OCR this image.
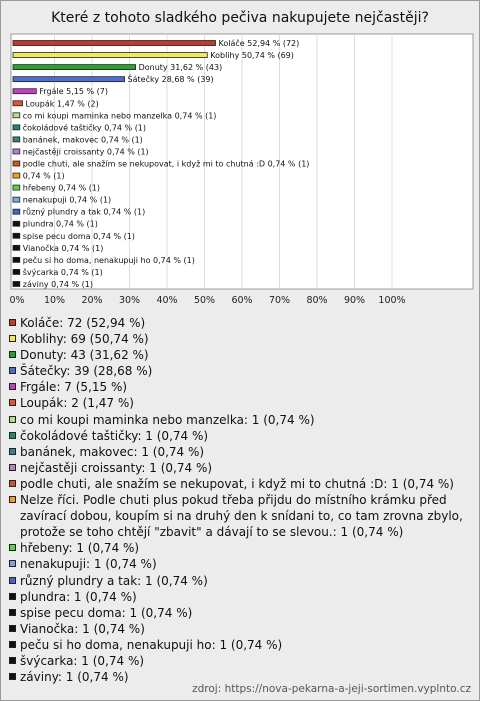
Které z tohoto sladkého pečiva nakupujete nejčastěji?
0% 10% 20% 30% 40% 50% 60% 70% 80% 90% 100%
Koláče 52,94 % (72)
Koblihy 50,74 % (69)
Donuty 31,62 % (43)
Šátečky 28,68 % (39)
Frgále 5,15 % (7)
Loupák 1,47 % (2)
co mi koupi maminka nebo manzelka 0,74 % (1)
čokoládové taštičky 0,74 % (1)
banánek, makovec 0,74 % (1)
nejčastěji croissanty 0,74 % (1)
podle chuti, ale snažím se nekupovat, i když mi to chutná :D 0,74 % (1)
0,74 % (1)
hřebeny 0,74 % (1)
nenakupuji 0,74 % (1)
různý plundry a tak 0,74 % (1)
plundra 0,74 % (1)
spise pecu doma 0,74 % (1)
Vianočka 0,74 % (1)
peču si ho doma, nenakupuji ho 0,74 % (1)
švýcarka 0,74 % (1)
záviny 0,74 % (1)
Koláče: 72 (52,94 %)
Koblihy: 69 (50,74 %)
Donuty: 43 (31,62 %)
Šátečky: 39 (28,68 %)
Frgále: 7 (5,15 %)
Loupák: 2 (1,47 %)
co mi koupi maminka nebo manzelka: 1 (0,74 %)
čokoládové taštičky: 1 (0,74 %)
banánek, makovec: 1 (0,74 %)
nejčastěji croissanty: 1 (0,74 %)
podle chuti, ale snažím se nekupovat, i když mi to chutná :D: 1 (0,74 %)
Nelze říci. Podle chuti plus pokud třeba přijdu do místního krámku před zavírací dobou, koupím si na druhý den k snídani to, co tam zrovna zbylo, protože se toho chtějí "zbavit" a dávají to se slevou.: 1 (0,74 %)
hřebeny: 1 (0,74 %)
nenakupuji: 1 (0,74 %)
různý plundry a tak: 1 (0,74 %)
plundra: 1 (0,74 %)
spise pecu doma: 1 (0,74 %)
Vianočka: 1 (0,74 %)
peču si ho doma, nenakupuji ho: 1 (0,74 %)
švýcarka: 1 (0,74 %)
záviny: 1 (0,74 %)
zdroj: https://nova-pekarna-a-jeji-sortimen.vyplnto.cz
